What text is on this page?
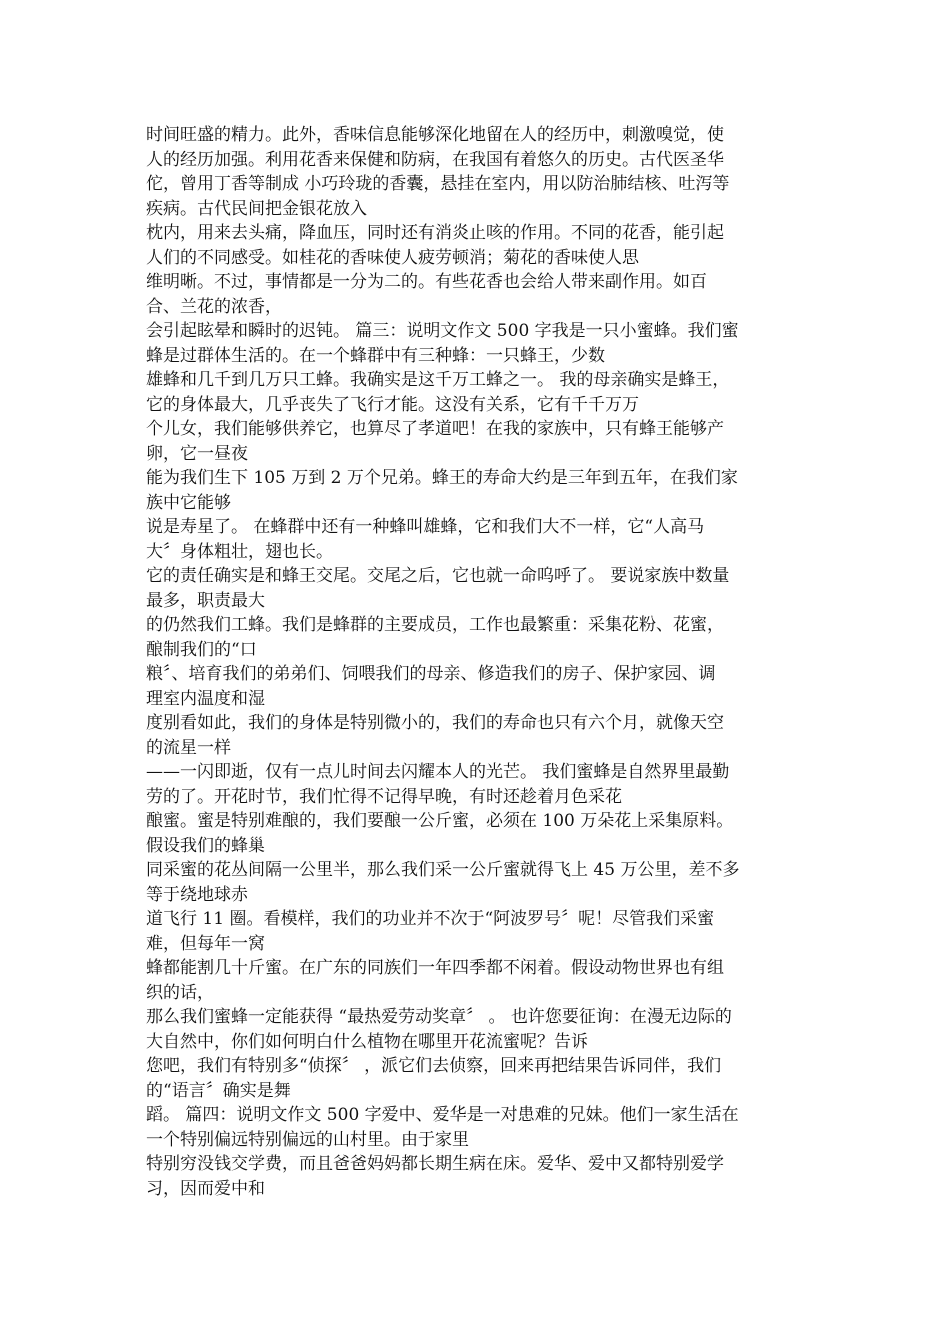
时间旺盛的精力。此外，香味信息能够深化地留在人的经历中，刺激嗅觉，使
人的经历加强。利用花香来保健和防病，在我国有着悠久的历史。古代医圣华
佗，曾用丁香等制成 小巧玲珑的香囊，悬挂在室内，用以防治肺结核、吐泻等
疾病。古代民间把金银花放入
枕内，用来去头痛，降血压，同时还有消炎止咳的作用。不同的花香，能引起
人们的不同感受。如桂花的香味使人疲劳顿消；菊花的香味使人思
维明晰。不过，事情都是一分为二的。有些花香也会给人带来副作用。如百
合、兰花的浓香，
会引起眩晕和瞬时的迟钝。 篇三：说明文作文 500 字我是一只小蜜蜂。我们蜜
蜂是过群体生活的。在一个蜂群中有三种蜂：一只蜂王，少数
雄蜂和几千到几万只工蜂。我确实是这千万工蜂之一。 我的母亲确实是蜂王，
它的身体最大，几乎丧失了飞行才能。这没有关系，它有千千万万
个儿女，我们能够供养它，也算尽了孝道吧！在我的家族中，只有蜂王能够产
卵，它一昼夜
能为我们生下 105 万到 2 万个兄弟。蜂王的寿命大约是三年到五年，在我们家
族中它能够
说是寿星了。 在蜂群中还有一种蜂叫雄蜂，它和我们大不一样，它“人高马
大〞身体粗壮，翅也长。
它的责任确实是和蜂王交尾。交尾之后，它也就一命呜呼了。 要说家族中数量
最多，职责最大
的仍然我们工蜂。我们是蜂群的主要成员，工作也最繁重：采集花粉、花蜜，
酿制我们的“口
粮〞、培育我们的弟弟们、饲喂我们的母亲、修造我们的房子、保护家园、调
理室内温度和湿
度别看如此，我们的身体是特别微小的，我们的寿命也只有六个月，就像天空
的流星一样
——一闪即逝，仅有一点儿时间去闪耀本人的光芒。 我们蜜蜂是自然界里最勤
劳的了。开花时节，我们忙得不记得早晚，有时还趁着月色采花
酿蜜。蜜是特别难酿的，我们要酿一公斤蜜，必须在 100 万朵花上采集原料。
假设我们的蜂巢
同采蜜的花丛间隔一公里半，那么我们采一公斤蜜就得飞上 45 万公里，差不多
等于绕地球赤
道飞行 11 圈。看模样，我们的功业并不次于“阿波罗号〞呢！尽管我们采蜜
难，但每年一窝
蜂都能割几十斤蜜。在广东的同族们一年四季都不闲着。假设动物世界也有组
织的话，
那么我们蜜蜂一定能获得 “最热爱劳动奖章〞 。 也许您要征询：在漫无边际的
大自然中，你们如何明白什么植物在哪里开花流蜜呢？告诉
您吧，我们有特别多“侦探〞 ，派它们去侦察，回来再把结果告诉同伴，我们
的“语言〞确实是舞
蹈。 篇四：说明文作文 500 字爱中、爱华是一对患难的兄妹。他们一家生活在
一个特别偏远特别偏远的山村里。由于家里
特别穷没钱交学费，而且爸爸妈妈都长期生病在床。爱华、爱中又都特别爱学
习，因而爱中和
